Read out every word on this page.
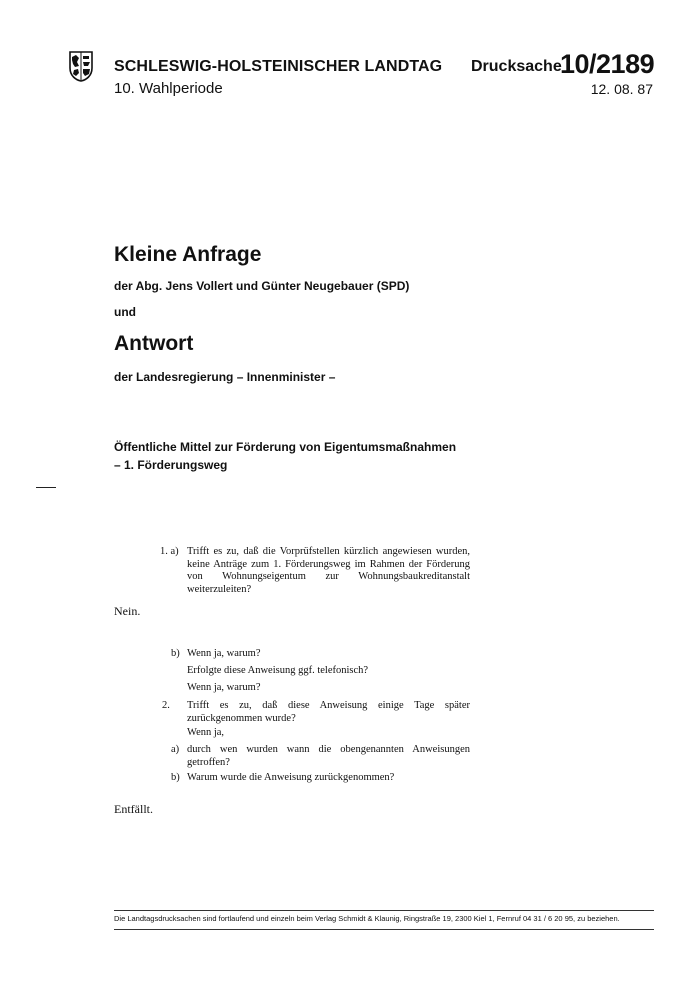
SCHLESWIG-HOLSTEINISCHER LANDTAG
10. Wahlperiode
Drucksache
10/2189
12. 08. 87
Kleine Anfrage
der Abg. Jens Vollert und Günter Neugebauer (SPD)
und
Antwort
der Landesregierung – Innenminister –
Öffentliche Mittel zur Förderung von Eigentumsmaßnahmen
– 1. Förderungsweg
1. a) Trifft es zu, daß die Vorprüfstellen kürzlich angewiesen wurden, keine Anträge zum 1. Förderungsweg im Rahmen der Förderung von Wohnungseigentum zur Wohnungsbaukreditanstalt weiterzuleiten?
Nein.
b) Wenn ja, warum?
Erfolgte diese Anweisung ggf. telefonisch?
Wenn ja, warum?
2. Trifft es zu, daß diese Anweisung einige Tage später zurückgenommen wurde?
Wenn ja,
a) durch wen wurden wann die obengenannten Anweisungen getroffen?
b) Warum wurde die Anweisung zurückgenommen?
Entfällt.
Die Landtagsdrucksachen sind fortlaufend und einzeln beim Verlag Schmidt & Klaunig, Ringstraße 19, 2300 Kiel 1, Fernruf 04 31 / 6 20 95, zu beziehen.
